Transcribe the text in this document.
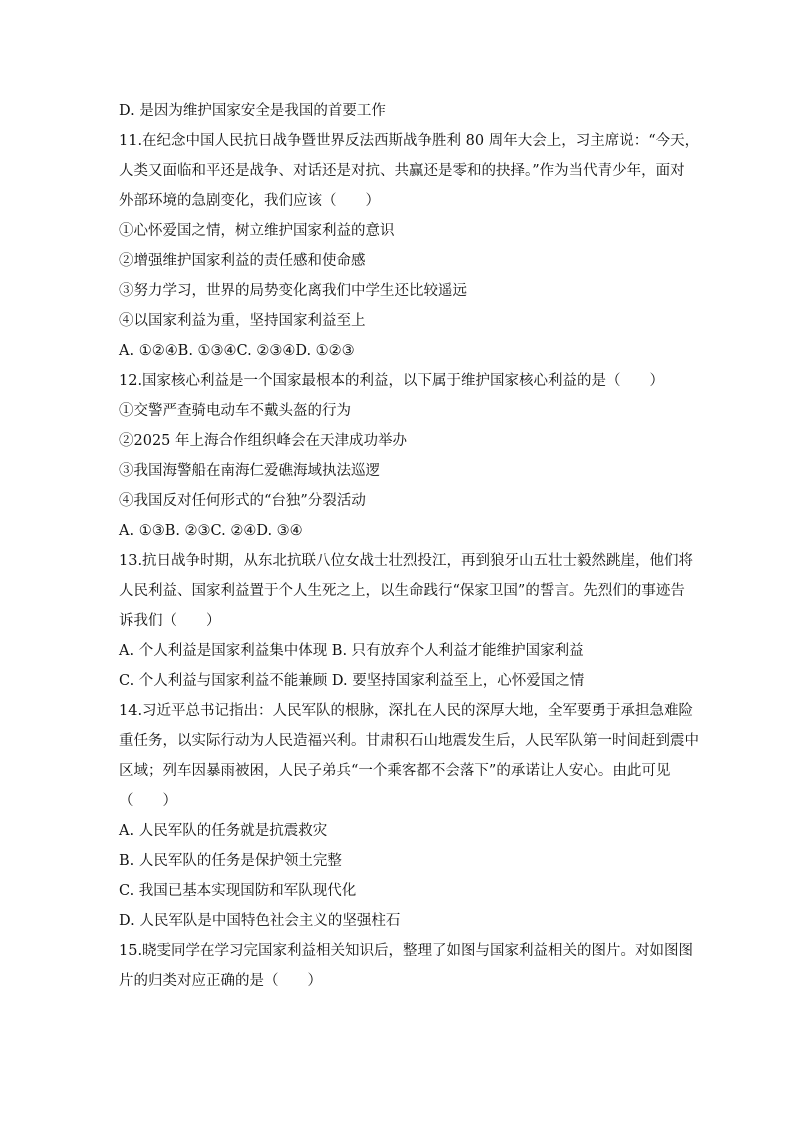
D. 是因为维护国家安全是我国的首要工作
11.在纪念中国人民抗日战争暨世界反法西斯战争胜利 80 周年大会上，习主席说：“今天，
人类又面临和平还是战争、对话还是对抗、共赢还是零和的抉择。”作为当代青少年，面对
外部环境的急剧变化，我们应该（　　）
①心怀爱国之情，树立维护国家利益的意识
②增强维护国家利益的责任感和使命感
③努力学习，世界的局势变化离我们中学生还比较遥远
④以国家利益为重，坚持国家利益至上
A. ①②④B. ①③④C. ②③④D. ①②③
12.国家核心利益是一个国家最根本的利益，以下属于维护国家核心利益的是（　　）
①交警严查骑电动车不戴头盔的行为
②2025 年上海合作组织峰会在天津成功举办
③我国海警船在南海仁爱礁海域执法巡逻
④我国反对任何形式的“台独”分裂活动
A. ①③B. ②③C. ②④D. ③④
13.抗日战争时期，从东北抗联八位女战士壮烈投江，再到狼牙山五壮士毅然跳崖，他们将
人民利益、国家利益置于个人生死之上，以生命践行“保家卫国”的誓言。先烈们的事迹告
诉我们（　　）
A. 个人利益是国家利益集中体现 B. 只有放弃个人利益才能维护国家利益
C. 个人利益与国家利益不能兼顾 D. 要坚持国家利益至上，心怀爱国之情
14.习近平总书记指出：人民军队的根脉，深扎在人民的深厚大地，全军要勇于承担急难险
重任务，以实际行动为人民造福兴利。甘肃积石山地震发生后，人民军队第一时间赶到震中
区域；列车因暴雨被困，人民子弟兵“一个乘客都不会落下”的承诺让人安心。由此可见
（　　）
A. 人民军队的任务就是抗震救灾
B. 人民军队的任务是保护领土完整
C. 我国已基本实现国防和军队现代化
D. 人民军队是中国特色社会主义的坚强柱石
15.晓雯同学在学习完国家利益相关知识后，整理了如图与国家利益相关的图片。对如图图
片的归类对应正确的是（　　）
